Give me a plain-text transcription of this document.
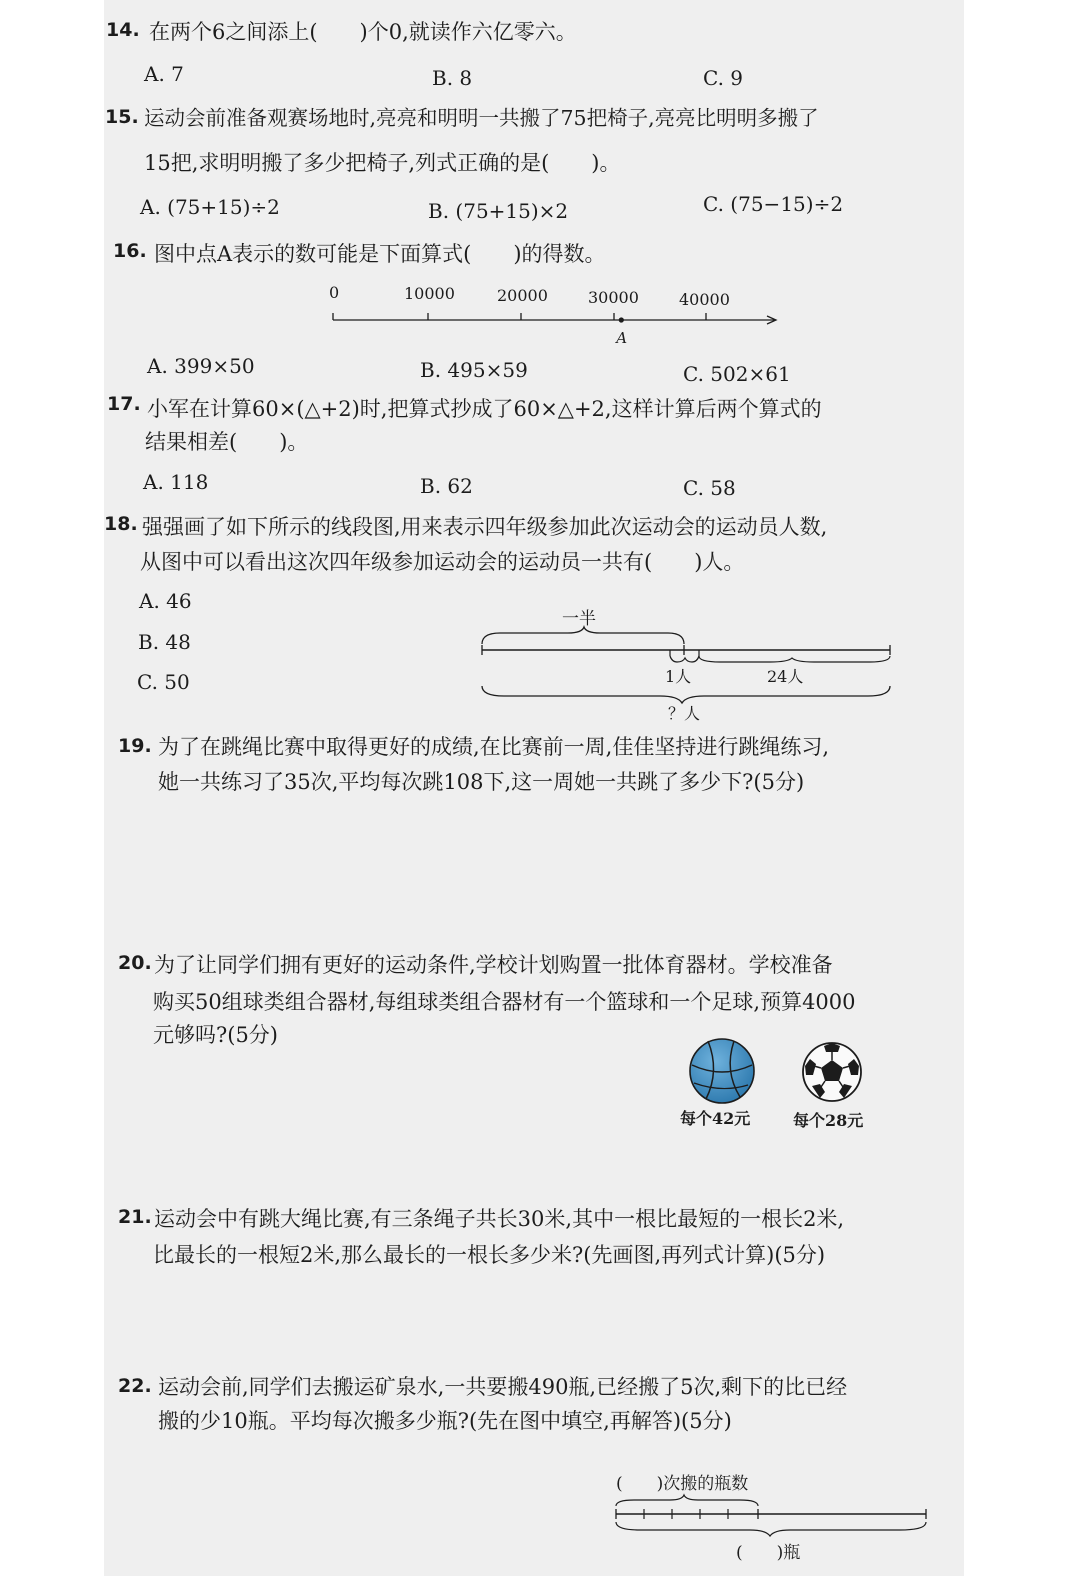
14. 在两个6之间添上(　　)个0,就读作六亿零六。
A. 7	B. 8	C. 9
15. 运动会前准备观赛场地时,亮亮和明明一共搬了75把椅子,亮亮比明明多搬了
15把,求明明搬了多少把椅子,列式正确的是(　　)。
A. (75+15)÷2	B. (75+15)×2	C. (75−15)÷2
16. 图中点A表示的数可能是下面算式(　　)的得数。
0	10000	20000	30000	40000
A
A. 399×50	B. 495×59	C. 502×61
17. 小军在计算60×(△+2)时,把算式抄成了60×△+2,这样计算后两个算式的
结果相差(　　)。
A. 118	B. 62	C. 58
18. 强强画了如下所示的线段图,用来表示四年级参加此次运动会的运动员人数,
从图中可以看出这次四年级参加运动会的运动员一共有(　　)人。
A. 46
B. 48
C. 50
一半
1人	24人
？人
19. 为了在跳绳比赛中取得更好的成绩,在比赛前一周,佳佳坚持进行跳绳练习,
她一共练习了35次,平均每次跳108下,这一周她一共跳了多少下?(5分)
20. 为了让同学们拥有更好的运动条件,学校计划购置一批体育器材。学校准备
购买50组球类组合器材,每组球类组合器材有一个篮球和一个足球,预算4000
元够吗?(5分)
每个42元	每个28元
21. 运动会中有跳大绳比赛,有三条绳子共长30米,其中一根比最短的一根长2米,
比最长的一根短2米,那么最长的一根长多少米?(先画图,再列式计算)(5分)
22. 运动会前,同学们去搬运矿泉水,一共要搬490瓶,已经搬了5次,剩下的比已经
搬的少10瓶。平均每次搬多少瓶?(先在图中填空,再解答)(5分)
(　　)次搬的瓶数
(　　)瓶
